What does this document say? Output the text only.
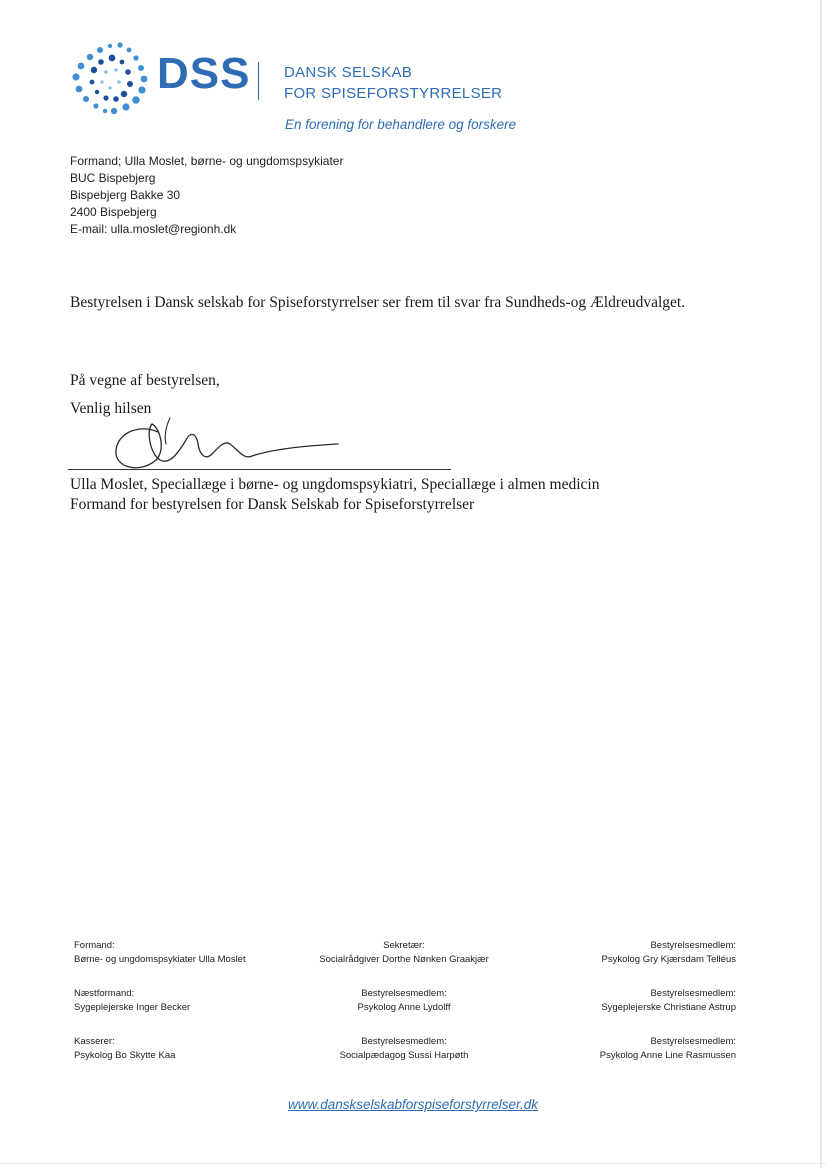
DSS DANSK SELSKAB
FOR SPISEFORSTYRRELSER
En forening for behandlere og forskere
Formand; Ulla Moslet, børne- og ungdomspsykiater
BUC Bispebjerg
Bispebjerg Bakke 30
2400 Bispebjerg
E-mail: ulla.moslet@regionh.dk
Bestyrelsen i Dansk selskab for Spiseforstyrrelser ser frem til svar fra Sundheds-og Ældreudvalget.
På vegne af bestyrelsen,
Venlig hilsen
Ulla Moslet, Speciallæge i børne- og ungdomspsykiatri, Speciallæge i almen medicin
Formand for bestyrelsen for Dansk Selskab for Spiseforstyrrelser
Formand:
Børne- og ungdomspsykiater Ulla Moslet
Næstformand:
Sygeplejerske Inger Becker
Kasserer:
Psykolog Bo Skytte Kaa
Sekretær:
Socialrådgiver Dorthe Nønken Graakjær
Bestyrelsesmedlem:
Psykolog Anne Lydolff
Bestyrelsesmedlem:
Socialpædagog Sussi Harpøth
Bestyrelsesmedlem:
Psykolog Gry Kjærsdam Telléus
Bestyrelsesmedlem:
Sygeplejerske Christiane Astrup
Bestyrelsesmedlem:
Psykolog Anne Line Rasmussen
www.danskselskabforspiseforstyrrelser.dk
